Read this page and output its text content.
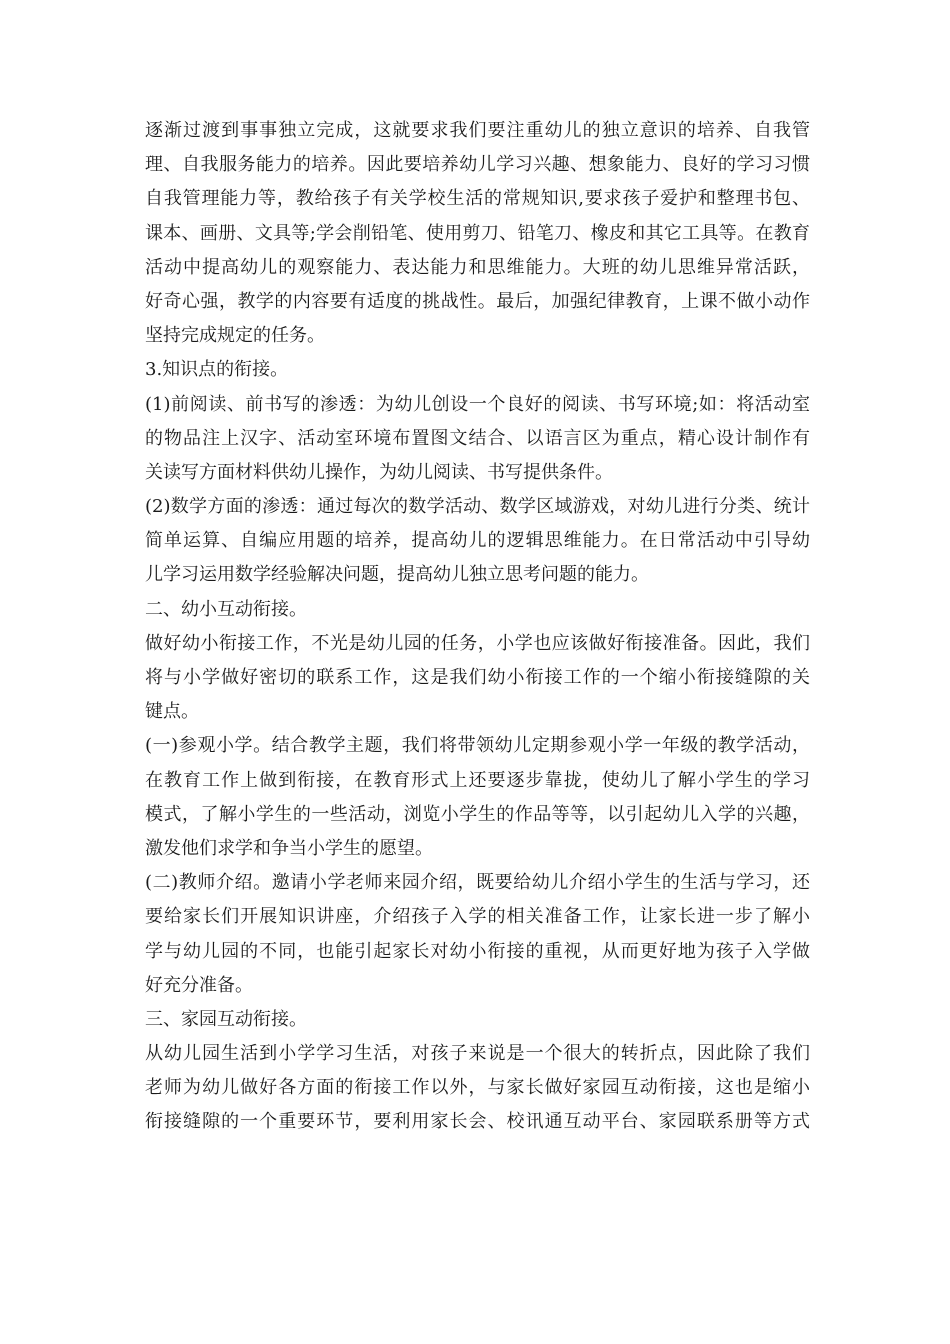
逐渐过渡到事事独立完成，这就要求我们要注重幼儿的独立意识的培养、自我管
理、自我服务能力的培养。因此要培养幼儿学习兴趣、想象能力、良好的学习习惯
自我管理能力等，教给孩子有关学校生活的常规知识,要求孩子爱护和整理书包、
课本、画册、文具等;学会削铅笔、使用剪刀、铅笔刀、橡皮和其它工具等。在教育
活动中提高幼儿的观察能力、表达能力和思维能力。大班的幼儿思维异常活跃，
好奇心强，教学的内容要有适度的挑战性。最后，加强纪律教育，上课不做小动作
坚持完成规定的任务。
3.知识点的衔接。
(1)前阅读、前书写的渗透：为幼儿创设一个良好的阅读、书写环境;如：将活动室
的物品注上汉字、活动室环境布置图文结合、以语言区为重点，精心设计制作有
关读写方面材料供幼儿操作，为幼儿阅读、书写提供条件。
(2)数学方面的渗透：通过每次的数学活动、数学区域游戏，对幼儿进行分类、统计
简单运算、自编应用题的培养，提高幼儿的逻辑思维能力。在日常活动中引导幼
儿学习运用数学经验解决问题，提高幼儿独立思考问题的能力。
二、幼小互动衔接。
做好幼小衔接工作，不光是幼儿园的任务，小学也应该做好衔接准备。因此，我们
将与小学做好密切的联系工作，这是我们幼小衔接工作的一个缩小衔接缝隙的关
键点。
(一)参观小学。结合教学主题，我们将带领幼儿定期参观小学一年级的教学活动，
在教育工作上做到衔接，在教育形式上还要逐步靠拢，使幼儿了解小学生的学习
模式，了解小学生的一些活动，浏览小学生的作品等等，以引起幼儿入学的兴趣，
激发他们求学和争当小学生的愿望。
(二)教师介绍。邀请小学老师来园介绍，既要给幼儿介绍小学生的生活与学习，还
要给家长们开展知识讲座，介绍孩子入学的相关准备工作，让家长进一步了解小
学与幼儿园的不同，也能引起家长对幼小衔接的重视，从而更好地为孩子入学做
好充分准备。
三、家园互动衔接。
从幼儿园生活到小学学习生活，对孩子来说是一个很大的转折点，因此除了我们
老师为幼儿做好各方面的衔接工作以外，与家长做好家园互动衔接，这也是缩小
衔接缝隙的一个重要环节，要利用家长会、校讯通互动平台、家园联系册等方式
